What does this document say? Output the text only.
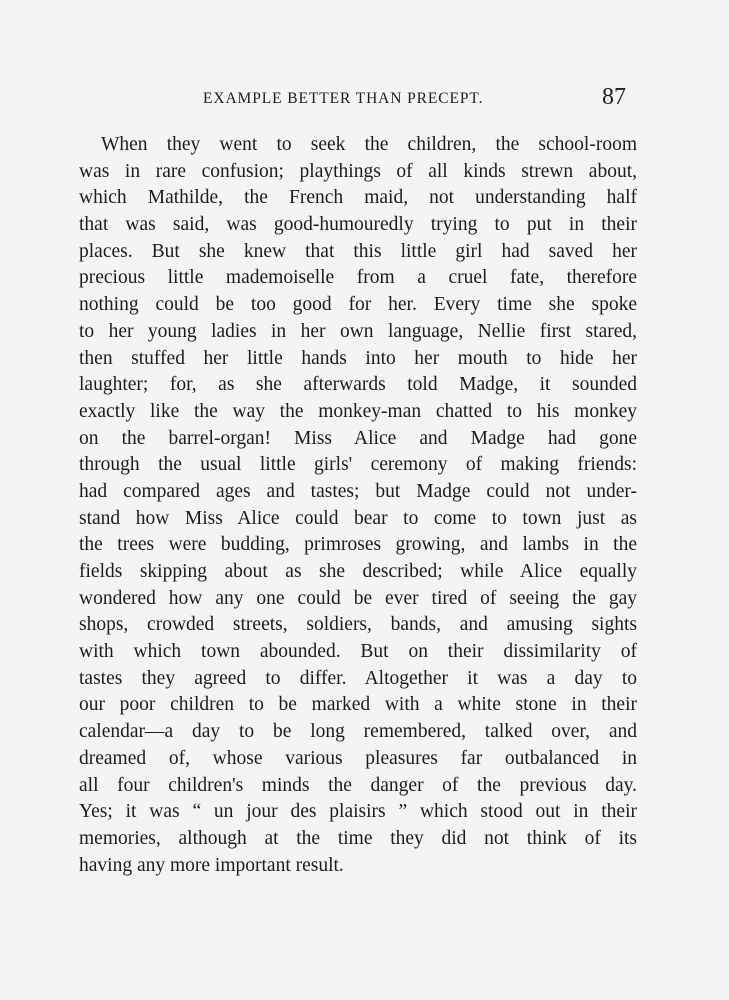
EXAMPLE BETTER THAN PRECEPT.	87
When they went to seek the children, the school-room
was in rare confusion; playthings of all kinds strewn about,
which Mathilde, the French maid, not understanding half
that was said, was good-humouredly trying to put in their
places. But she knew that this little girl had saved her
precious little mademoiselle from a cruel fate, therefore
nothing could be too good for her. Every time she spoke
to her young ladies in her own language, Nellie first stared,
then stuffed her little hands into her mouth to hide her
laughter; for, as she afterwards told Madge, it sounded
exactly like the way the monkey-man chatted to his monkey
on the barrel-organ! Miss Alice and Madge had gone
through the usual little girls' ceremony of making friends:
had compared ages and tastes; but Madge could not under-
stand how Miss Alice could bear to come to town just as
the trees were budding, primroses growing, and lambs in the
fields skipping about as she described; while Alice equally
wondered how any one could be ever tired of seeing the gay
shops, crowded streets, soldiers, bands, and amusing sights
with which town abounded. But on their dissimilarity of
tastes they agreed to differ. Altogether it was a day to
our poor children to be marked with a white stone in their
calendar—a day to be long remembered, talked over, and
dreamed of, whose various pleasures far outbalanced in
all four children's minds the danger of the previous day.
Yes; it was “ un jour des plaisirs ” which stood out in their
memories, although at the time they did not think of its
having any more important result.
